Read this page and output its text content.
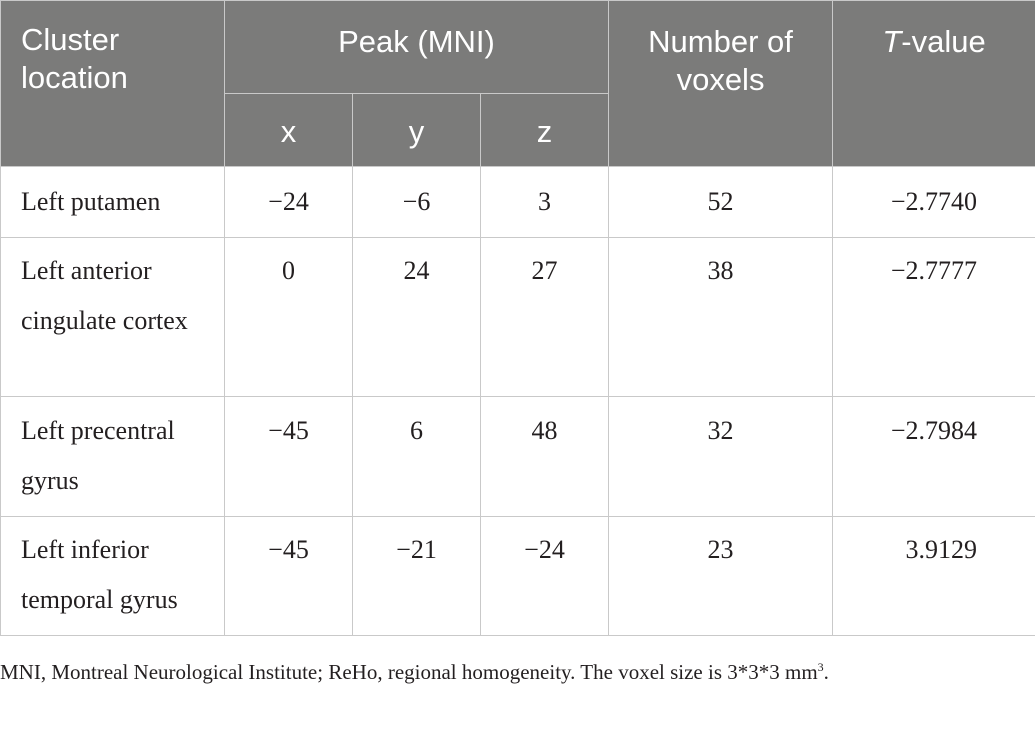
Cluster location	Peak (MNI)			Number of voxels	T-value
	x	y	z		
Left putamen	−24	−6	3	52	−2.7740
Left anterior cingulate cortex	0	24	27	38	−2.7777
Left precentral gyrus	−45	6	48	32	−2.7984
Left inferior temporal gyrus	−45	−21	−24	23	3.9129
MNI, Montreal Neurological Institute; ReHo, regional homogeneity. The voxel size is 3*3*3 $mm^3$.
